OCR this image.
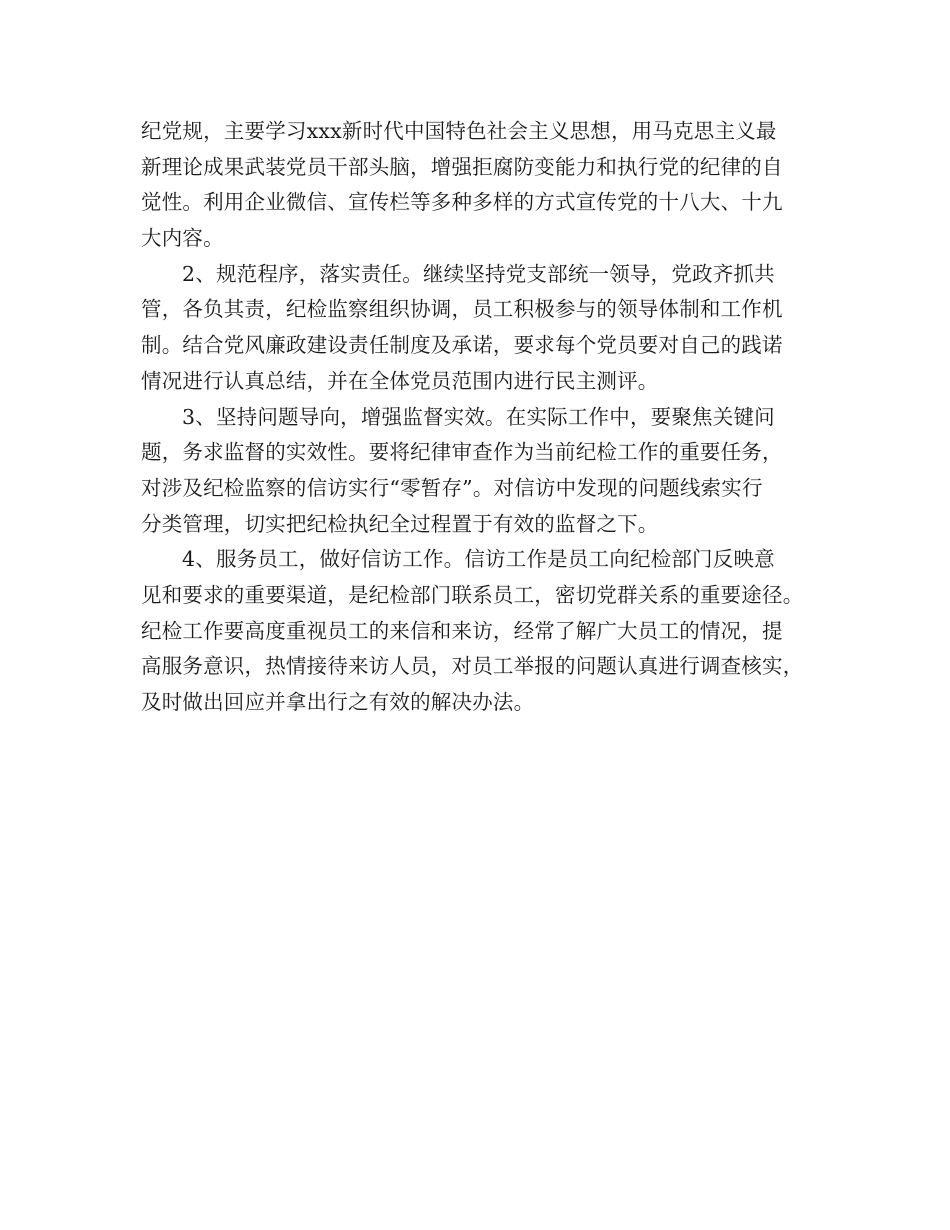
纪党规，主要学习xxx新时代中国特色社会主义思想，用马克思主义最
新理论成果武装党员干部头脑，增强拒腐防变能力和执行党的纪律的自
觉性。利用企业微信、宣传栏等多种多样的方式宣传党的十八大、十九
大内容。
2、规范程序，落实责任。继续坚持党支部统一领导，党政齐抓共
管，各负其责，纪检监察组织协调，员工积极参与的领导体制和工作机
制。结合党风廉政建设责任制度及承诺，要求每个党员要对自己的践诺
情况进行认真总结，并在全体党员范围内进行民主测评。
3、坚持问题导向，增强监督实效。在实际工作中，要聚焦关键问
题，务求监督的实效性。要将纪律审查作为当前纪检工作的重要任务，
对涉及纪检监察的信访实行“零暂存”。对信访中发现的问题线索实行
分类管理，切实把纪检执纪全过程置于有效的监督之下。
4、服务员工，做好信访工作。信访工作是员工向纪检部门反映意
见和要求的重要渠道，是纪检部门联系员工，密切党群关系的重要途径。
纪检工作要高度重视员工的来信和来访，经常了解广大员工的情况，提
高服务意识，热情接待来访人员，对员工举报的问题认真进行调查核实，
及时做出回应并拿出行之有效的解决办法。
